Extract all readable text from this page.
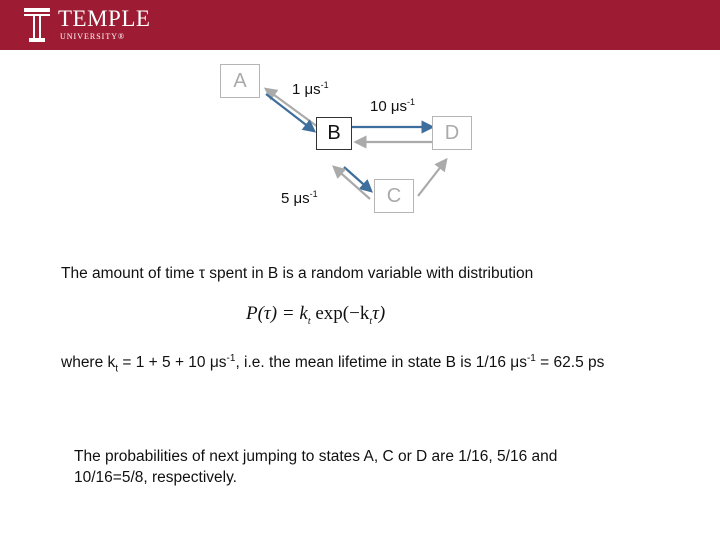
TEMPLE
UNIVERSITY®
A
B
C
D
1 $\mu s^{-1}$
10 $\mu s^{-1}$
5 $\mu s^{-1}$
The amount of time τ spent in B is a random variable with distribution
$P(\tau) = k_t$ $\exp(-k_t\tau)$
where $k_t = 1 + 5 + 10$ $\mu s^{-1}$, i.e. the mean lifetime in state B is 1/16 $\mu s^{-1} = 62.5$ ps
The probabilities of next jumping to states A, C or D are 1/16, 5/16 and 10/16=5/8, respectively.
